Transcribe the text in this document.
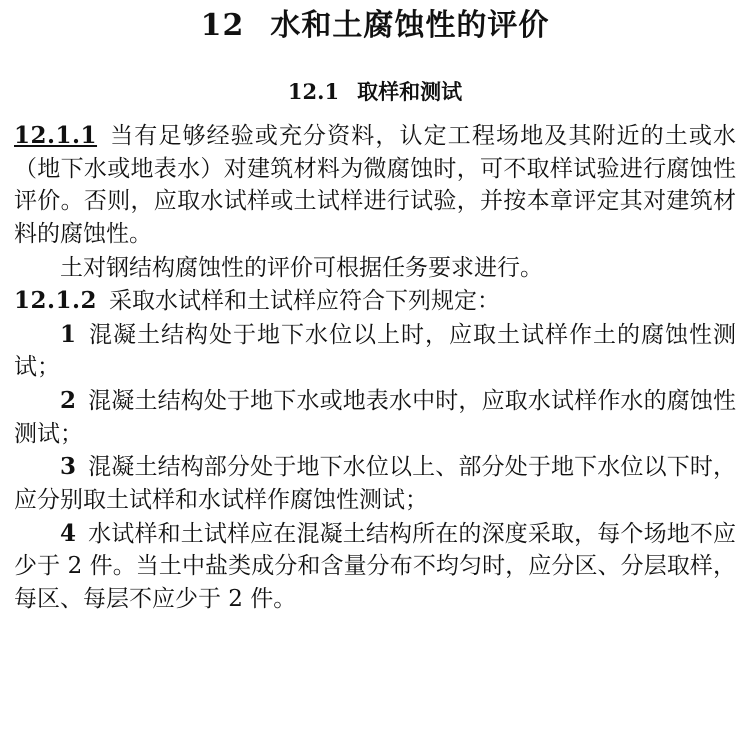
12 水和土腐蚀性的评价
12.1 取样和测试

12.1.1 当有足够经验或充分资料，认定工程场地及其附近的土或水（地下水或地表水）对建筑材料为微腐蚀时，可不取样试验进行腐蚀性评价。否则，应取水试样或土试样进行试验，并按本章评定其对建筑材料的腐蚀性。

土对钢结构腐蚀性的评价可根据任务要求进行。

12.1.2 采取水试样和土试样应符合下列规定：

1 混凝土结构处于地下水位以上时，应取土试样作土的腐蚀性测试；

2 混凝土结构处于地下水或地表水中时，应取水试样作水的腐蚀性测试；

3 混凝土结构部分处于地下水位以上、部分处于地下水位以下时，应分别取土试样和水试样作腐蚀性测试；

4 水试样和土试样应在混凝土结构所在的深度采取，每个场地不应少于 2 件。当土中盐类成分和含量分布不均匀时，应分区、分层取样，每区、每层不应少于 2 件。
